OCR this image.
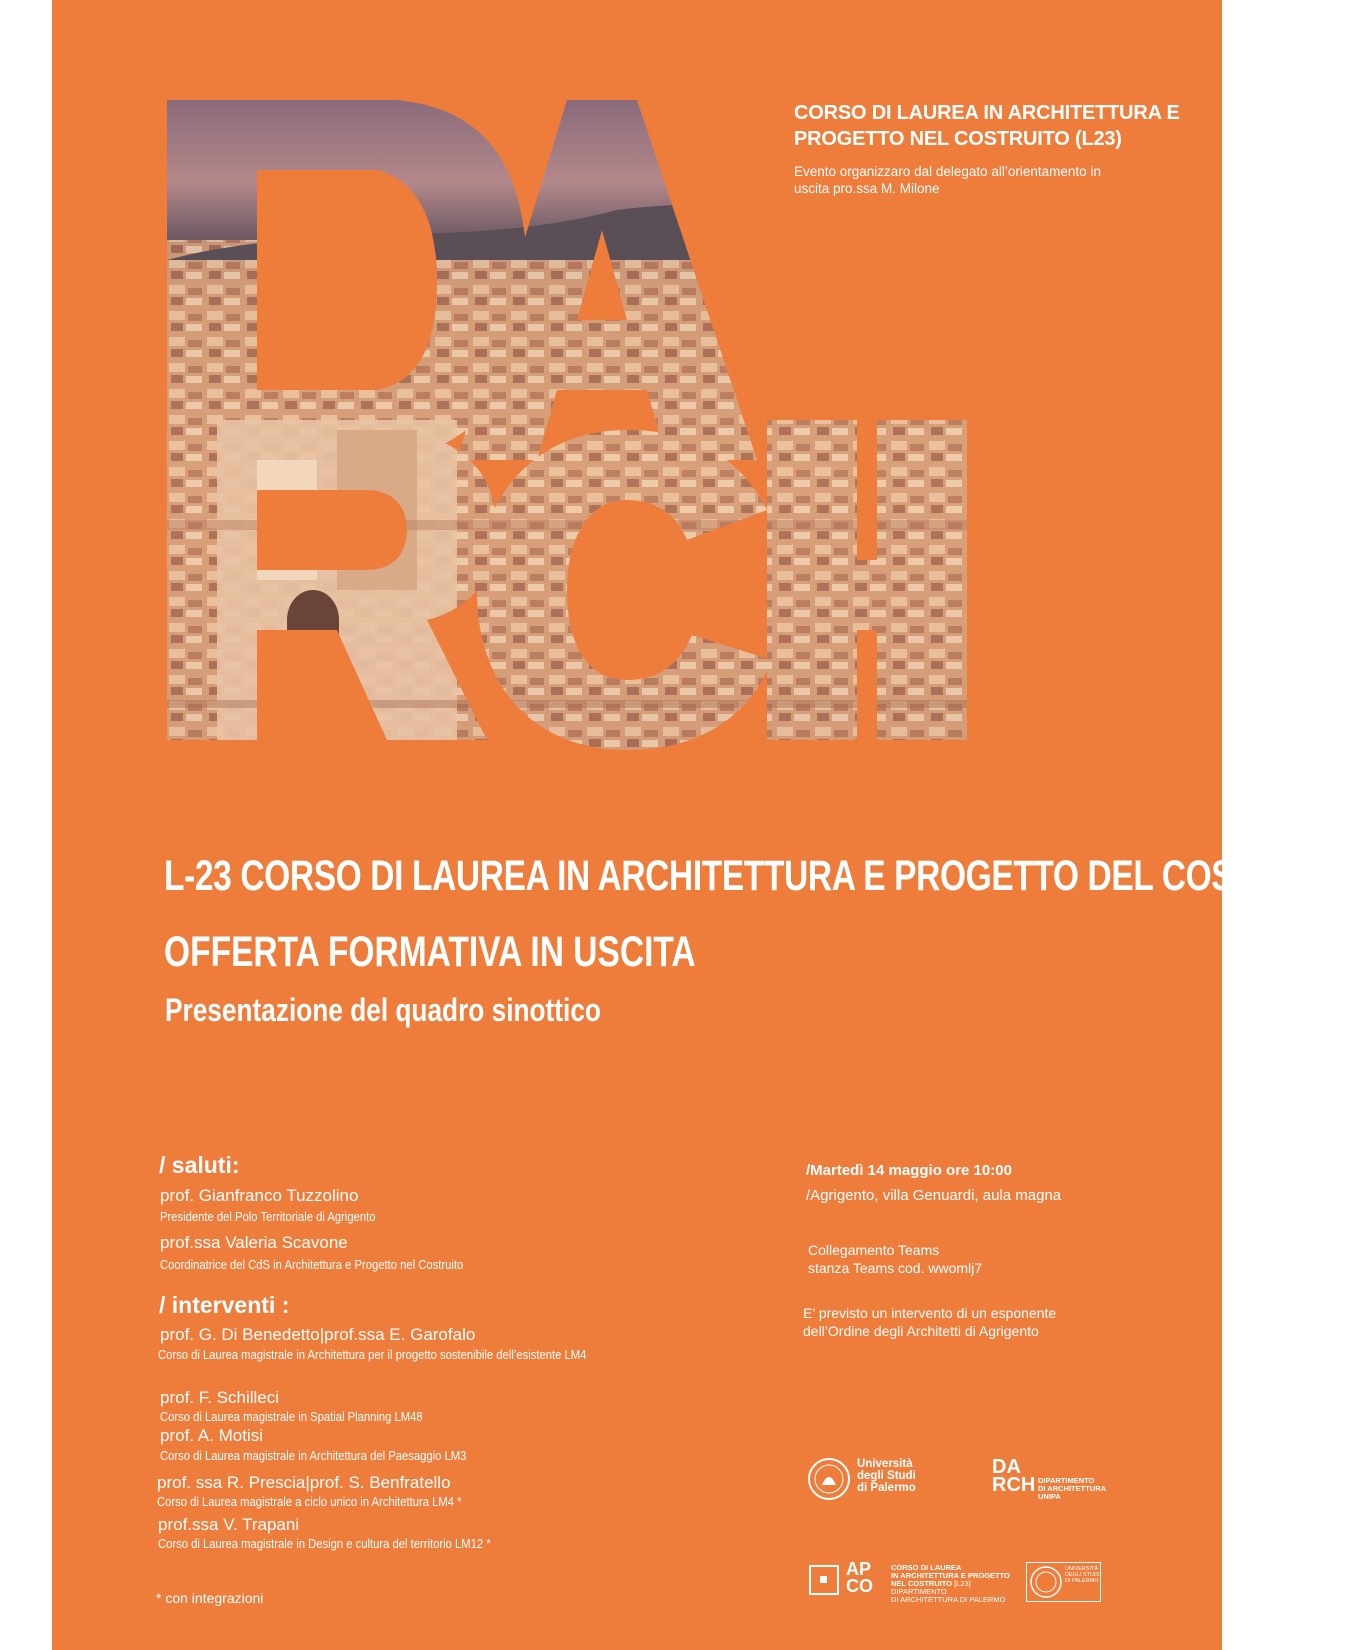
CORSO DI LAUREA IN ARCHITETTURA E
PROGETTO NEL COSTRUITO (L23)
Evento organizzaro dal delegato all’orientamento in
uscita pro.ssa M. Milone
L-23 CORSO DI LAUREA IN ARCHITETTURA E PROGETTO DEL COSTRUITO
OFFERTA FORMATIVA IN USCITA
Presentazione del quadro sinottico
/ saluti:
prof. Gianfranco Tuzzolino
Presidente del Polo Territoriale di Agrigento
prof.ssa Valeria Scavone
Coordinatrice del CdS in Architettura e Progetto nel Costruito
/ interventi :
prof. G. Di Benedetto|prof.ssa E. Garofalo
Corso di Laurea magistrale in Architettura per il progetto sostenibile dell’esistente LM4
prof. F. Schilleci
Corso di Laurea magistrale in Spatial Planning LM48
prof. A. Motisi
Corso di Laurea magistrale in Architettura del Paesaggio LM3
prof. ssa R. Prescia|prof. S. Benfratello
Corso di Laurea magistrale a ciclo unico in Architettura LM4 *
prof.ssa V. Trapani
Corso di Laurea magistrale in Design e cultura del territorio LM12 *
/Martedì 14 maggio ore 10:00
/Agrigento, villa Genuardi, aula magna
Collegamento Teams
stanza Teams cod. wwomlj7
E’ previsto un intervento di un esponente
dell’Ordine degli Architetti di Agrigento
Università
degli Studi
di Palermo
DA RCH DIPARTIMENTO
DI ARCHITETTURA
UNIPA
AP CO
CORSO DI LAUREA
IN ARCHITETTURA E PROGETTO
NEL COSTRUITO [L23]
DIPARTIMENTO
DI ARCHITETTURA DI PALERMO
UNIVERSITÀ
DEGLI STUDI
DI PALERMO
* con integrazioni
